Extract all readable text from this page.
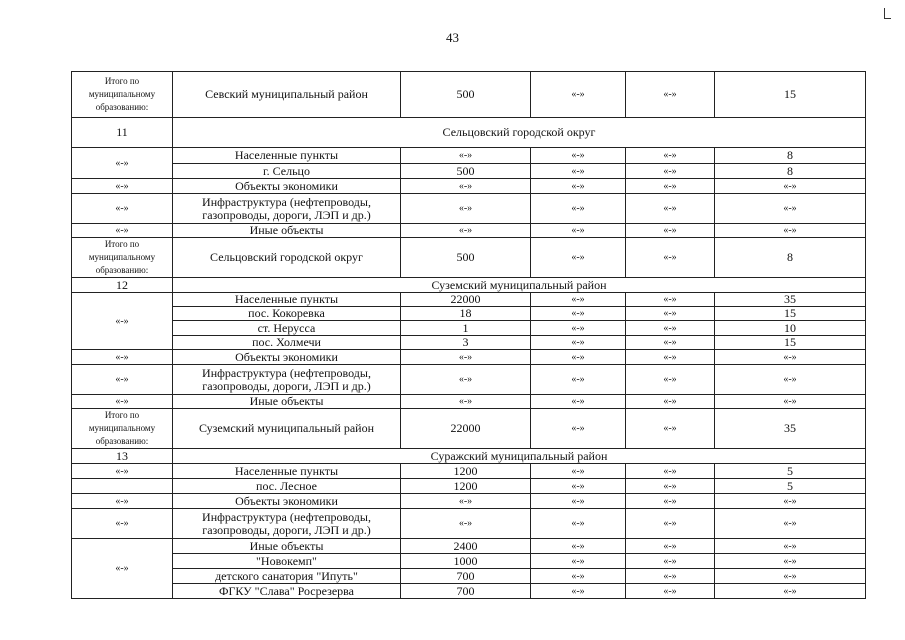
43
Итого по муниципальному образованию:	Севский муниципальный район	500	«-»	«-»	15
11	Сельцовский городской округ				
«-»	Населенные пункты	«-»	«-»	«-»	8
	г. Сельцо	500	«-»	«-»	8
«-»	Объекты экономики	«-»	«-»	«-»	«-»
«-»	Инфраструктура (нефтепроводы, газопроводы, дороги, ЛЭП и др.)	«-»	«-»	«-»	«-»
«-»	Иные объекты	«-»	«-»	«-»	«-»
Итого по муниципальному образованию:	Сельцовский городской округ	500	«-»	«-»	8
12	Суземский муниципальный район				
«-»	Населенные пункты	22000	«-»	«-»	35
	пос. Кокоревка	18	«-»	«-»	15
	ст. Нерусса	1	«-»	«-»	10
	пос. Холмечи	3	«-»	«-»	15
«-»	Объекты экономики	«-»	«-»	«-»	«-»
«-»	Инфраструктура (нефтепроводы, газопроводы, дороги, ЛЭП и др.)	«-»	«-»	«-»	«-»
«-»	Иные объекты	«-»	«-»	«-»	«-»
Итого по муниципальному образованию:	Суземский муниципальный район	22000	«-»	«-»	35
13	Суражский муниципальный район				
«-»	Населенные пункты	1200	«-»	«-»	5
	пос. Лесное	1200	«-»	«-»	5
«-»	Объекты экономики	«-»	«-»	«-»	«-»
«-»	Инфраструктура (нефтепроводы, газопроводы, дороги, ЛЭП и др.)	«-»	«-»	«-»	«-»
«-»	Иные объекты	2400	«-»	«-»	«-»
	"Новокемп"	1000	«-»	«-»	«-»
	детского санатория "Ипуть"	700	«-»	«-»	«-»
	ФГКУ "Слава" Росрезерва	700	«-»	«-»	«-»
